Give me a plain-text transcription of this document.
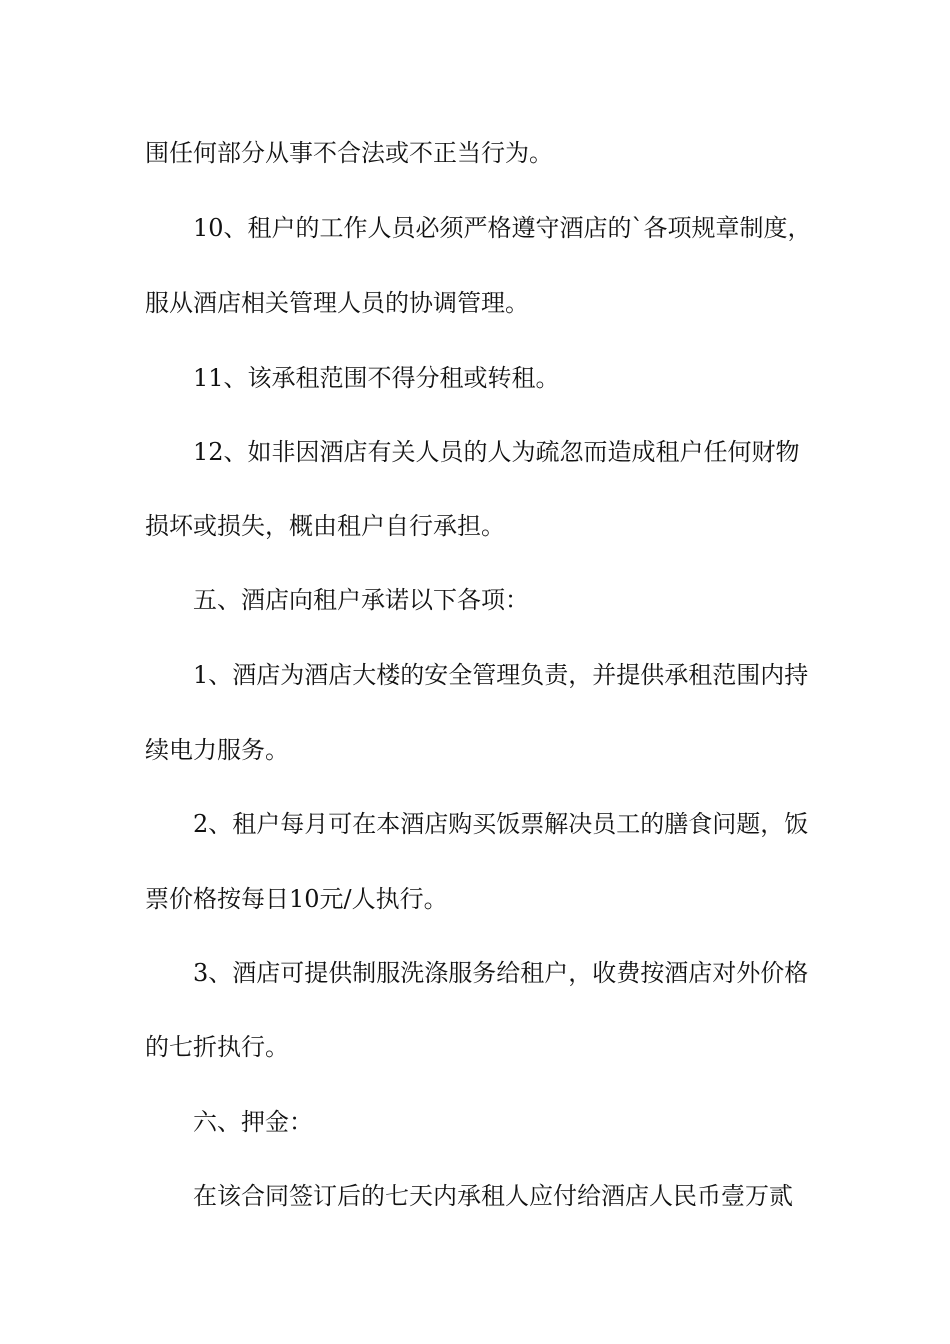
围任何部分从事不合法或不正当行为。
10、租户的工作人员必须严格遵守酒店的`各项规章制度，
服从酒店相关管理人员的协调管理。
11、该承租范围不得分租或转租。
12、如非因酒店有关人员的人为疏忽而造成租户任何财物
损坏或损失，概由租户自行承担。
五、酒店向租户承诺以下各项：
1、酒店为酒店大楼的安全管理负责，并提供承租范围内持
续电力服务。
2、租户每月可在本酒店购买饭票解决员工的膳食问题，饭
票价格按每日10元/人执行。
3、酒店可提供制服洗涤服务给租户，收费按酒店对外价格
的七折执行。
六、押金：
在该合同签订后的七天内承租人应付给酒店人民币壹万贰
